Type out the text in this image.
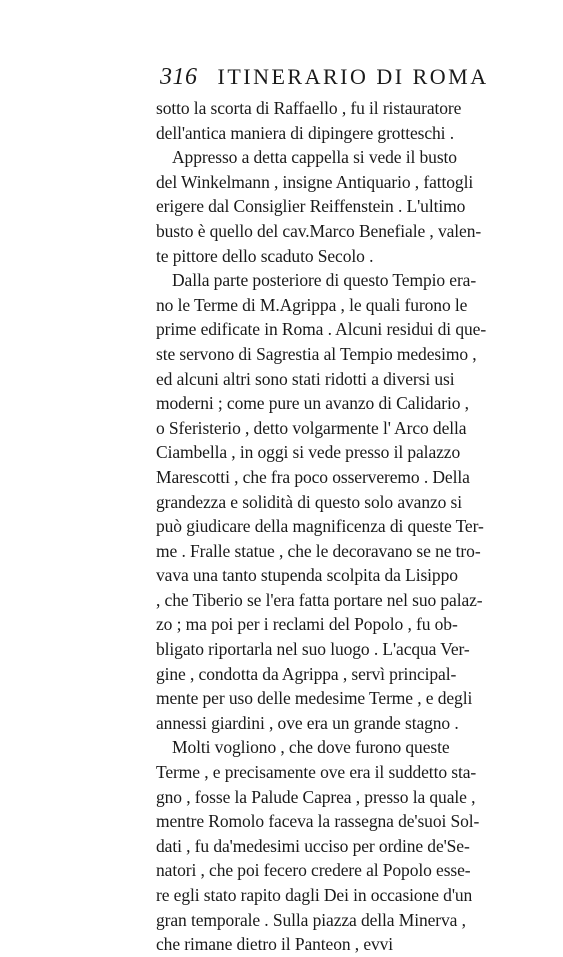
316 ITINERARIO DI ROMA
sotto la scorta di Raffaello , fu il ristauratore
dell'antica maniera di dipingere grotteschi .
Appresso a detta cappella si vede il busto
del Winkelmann , insigne Antiquario , fattogli
erigere dal Consiglier Reiffenstein . L'ultimo
busto è quello del cav.Marco Benefiale , valen-
te pittore dello scaduto Secolo .
Dalla parte posteriore di questo Tempio era-
no le Terme di M.Agrippa , le quali furono le
prime edificate in Roma . Alcuni residui di que-
ste servono di Sagrestia al Tempio medesimo ,
ed alcuni altri sono stati ridotti a diversi usi
moderni ; come pure un avanzo di Calidario ,
o Sferisterio , detto volgarmente l' Arco della
Ciambella , in oggi si vede presso il palazzo
Marescotti , che fra poco osserveremo . Della
grandezza e solidità di questo solo avanzo si
può giudicare della magnificenza di queste Ter-
me . Fralle statue , che le decoravano se ne tro-
vava una tanto stupenda scolpita da Lisippo
, che Tiberio se l'era fatta portare nel suo palaz-
zo ; ma poi per i reclami del Popolo , fu ob-
bligato riportarla nel suo luogo . L'acqua Ver-
gine , condotta da Agrippa , servì principal-
mente per uso delle medesime Terme , e degli
annessi giardini , ove era un grande stagno .
Molti vogliono , che dove furono queste
Terme , e precisamente ove era il suddetto sta-
gno , fosse la Palude Caprea , presso la quale ,
mentre Romolo faceva la rassegna de'suoi Sol-
dati , fu da'medesimi ucciso per ordine de'Se-
natori , che poi fecero credere al Popolo esse-
re egli stato rapito dagli Dei in occasione d'un
gran temporale . Sulla piazza della Minerva ,
che rimane dietro il Panteon , evvi
